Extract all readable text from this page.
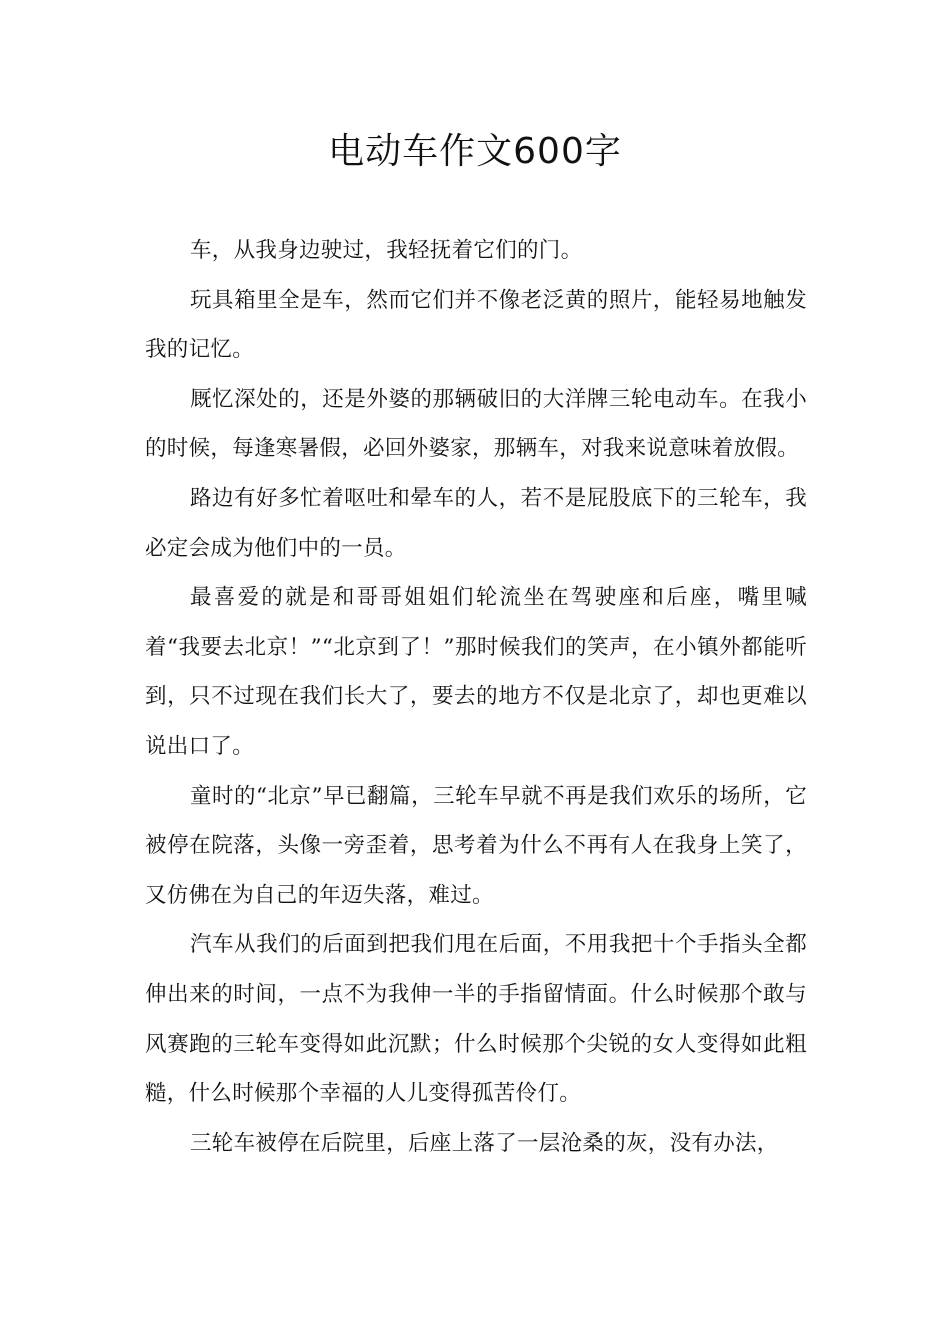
电动车作文600字

车，从我身边驶过，我轻抚着它们的门。

玩具箱里全是车，然而它们并不像老泛黄的照片，能轻易地触发我的记忆。

厩忆深处的，还是外婆的那辆破旧的大洋牌三轮电动车。在我小的时候，每逢寒暑假，必回外婆家，那辆车，对我来说意味着放假。

路边有好多忙着呕吐和晕车的人，若不是屁股底下的三轮车，我必定会成为他们中的一员。

最喜爱的就是和哥哥姐姐们轮流坐在驾驶座和后座，嘴里喊着“我要去北京！”“北京到了！”那时候我们的笑声，在小镇外都能听到，只不过现在我们长大了，要去的地方不仅是北京了，却也更难以说出口了。

童时的“北京”早已翻篇，三轮车早就不再是我们欢乐的场所，它被停在院落，头像一旁歪着，思考着为什么不再有人在我身上笑了，又仿佛在为自己的年迈失落，难过。

汽车从我们的后面到把我们甩在后面，不用我把十个手指头全都伸出来的时间，一点不为我伸一半的手指留情面。什么时候那个敢与风赛跑的三轮车变得如此沉默；什么时候那个尖锐的女人变得如此粗糙，什么时候那个幸福的人儿变得孤苦伶仃。

三轮车被停在后院里，后座上落了一层沧桑的灰，没有办法，
